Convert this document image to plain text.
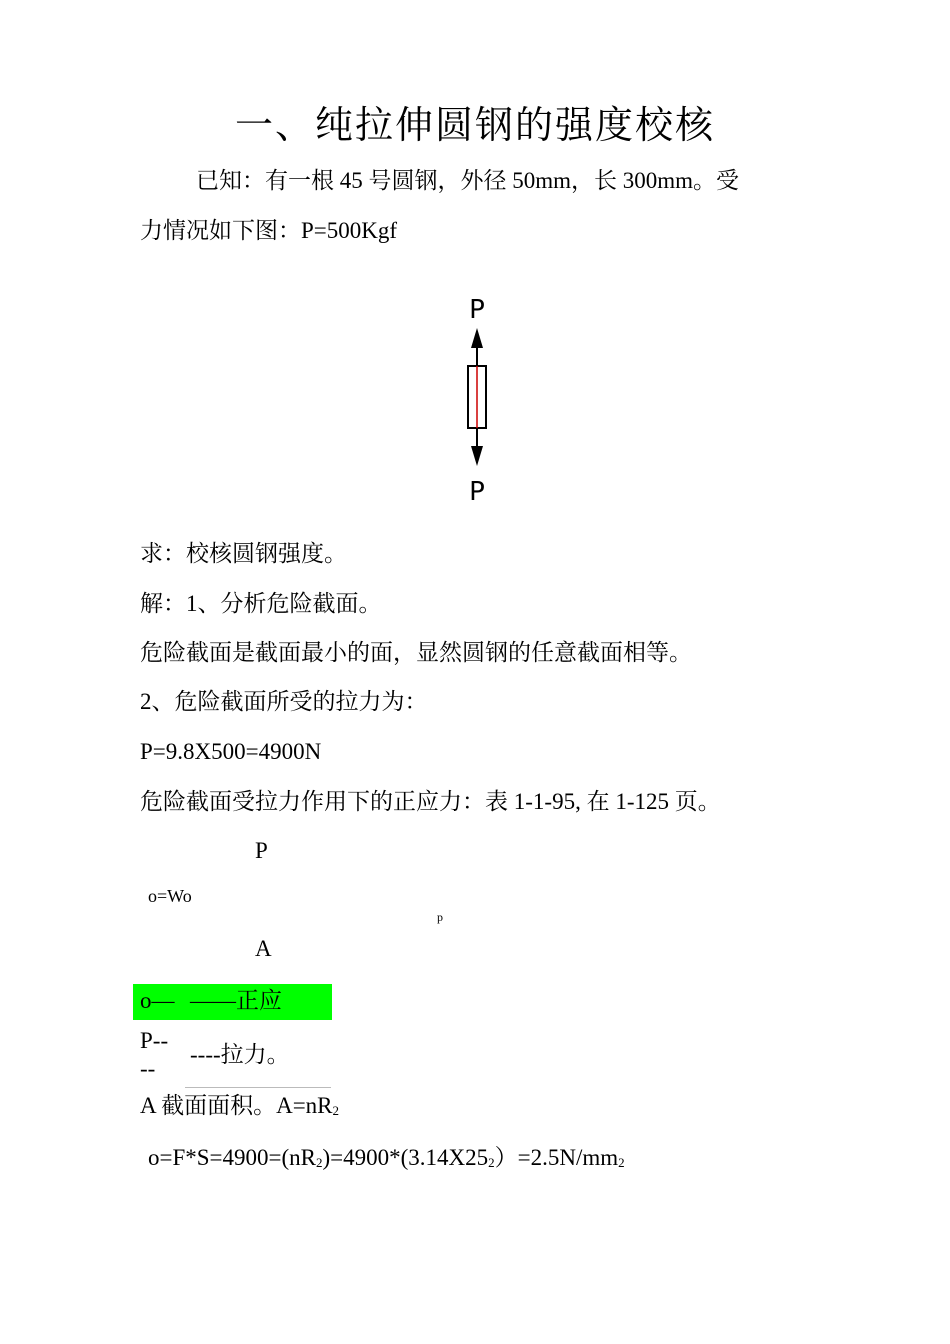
一、纯拉伸圆钢的强度校核
已知：有一根 45 号圆钢，外径 50mm，长 300mm。受
力情况如下图：P=500Kgf
P
P
求：校核圆钢强度。
解：1、分析危险截面。
危险截面是截面最小的面，显然圆钢的任意截面相等。
2、危险截面所受的拉力为：
P=9.8X500=4900N
危险截面受拉力作用下的正应力：表 1-1-95, 在 1-125 页。
P
o=Wo
p
A
o— ——正应
P--
--
----拉力。
A 截面面积。$A=nR_2$
$o=F*S=4900=(nR_2)=4900*(3.14X25_2)=2.5N/mm_2$
